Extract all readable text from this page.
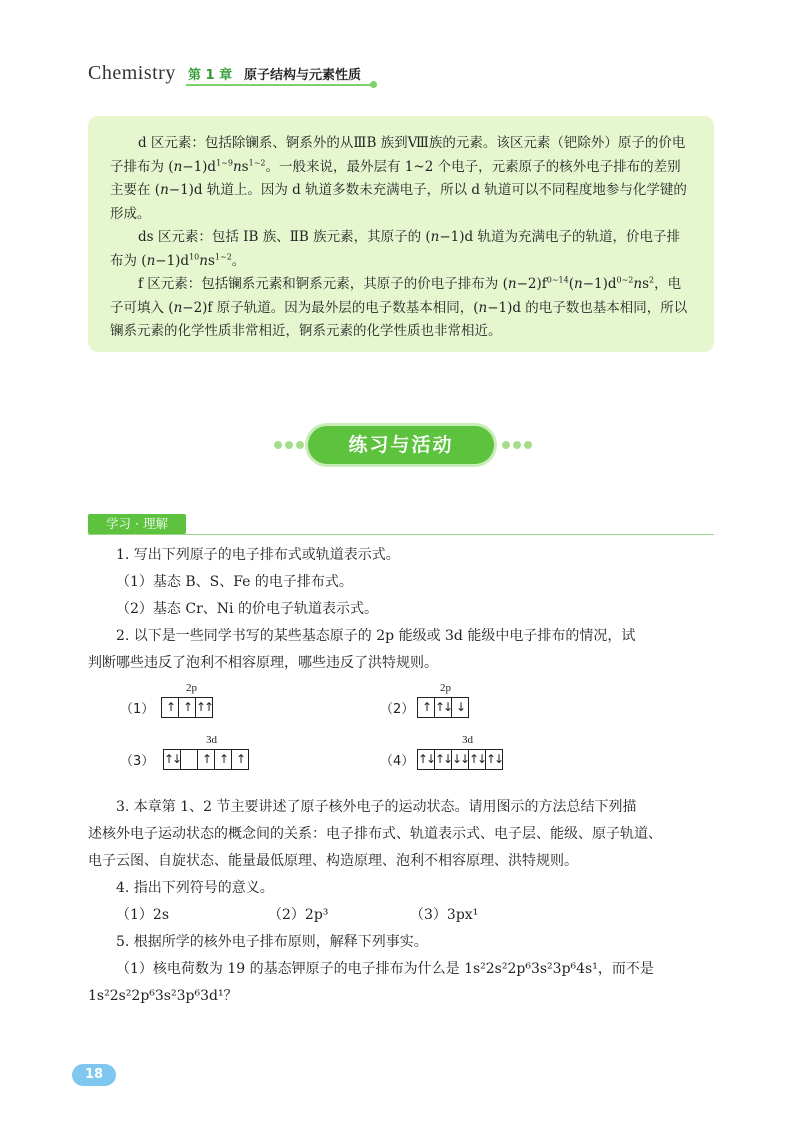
Chemistry 第 1 章 原子结构与元素性质

d 区元素：包括除镧系、锕系外的从ⅢB 族到Ⅷ族的元素。该区元素（钯除外）原子的价电子排布为 $(n-1)d^{1\sim 9}ns^{1\sim 2}$。一般来说，最外层有 1~2 个电子，元素原子的核外电子排布的差别主要在 (n−1)d 轨道上。因为 d 轨道多数未充满电子，所以 d 轨道可以不同程度地参与化学键的形成。

ds 区元素：包括 IB 族、ⅡB 族元素，其原子的 (n−1)d 轨道为充满电子的轨道，价电子排布为 $(n-1)d^{10}ns^{1\sim 2}$。

f 区元素：包括镧系元素和锕系元素，其原子的价电子排布为 $(n-2)f^{0\sim 14}(n-1)d^{0\sim 2}ns^2$，电子可填入 (n−2)f 原子轨道。因为最外层的电子数基本相同，(n−1)d 的电子数也基本相同，所以镧系元素的化学性质非常相近，锕系元素的化学性质也非常相近。

练习与活动
学习 · 理解
1. 写出下列原子的电子排布式或轨道表示式。
（1）基态 B、S、Fe 的电子排布式。
（2）基态 Cr、Ni 的价电子轨道表示式。
2. 以下是一些同学书写的某些基态原子的 2p 能级或 3d 能级中电子排布的情况，试
判断哪些违反了泡利不相容原理，哪些违反了洪特规则。
（1）
2p
↑ ↑ ↑↑	（2）
2p
↑ ↑↓ ↓
（3）
3d
↑↓	↑ ↑ ↑	（4）
3d
↑↓ ↑↓ ↓↓ ↑↓ ↑↓
3. 本章第 1、2 节主要讲述了原子核外电子的运动状态。请用图示的方法总结下列描
述核外电子运动状态的概念间的关系：电子排布式、轨道表示式、电子层、能级、原子轨道、
电子云图、自旋状态、能量最低原理、构造原理、泡利不相容原理、洪特规则。
4. 指出下列符号的意义。
（1）2s	（2）2p³	（3）3px¹
5. 根据所学的核外电子排布原则，解释下列事实。
（1）核电荷数为 19 的基态钾原子的电子排布为什么是 1s²2s²2p⁶3s²3p⁶4s¹，而不是
1s²2s²2p⁶3s²3p⁶3d¹？
18
